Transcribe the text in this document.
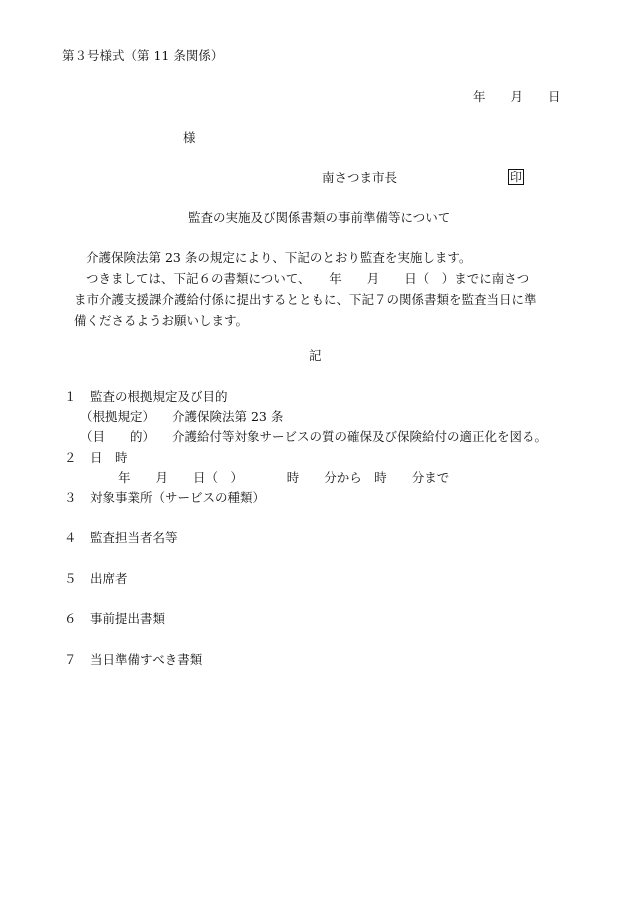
第３号様式（第 11 条関係）
年　　月　　日
様
南さつま市長	印
監査の実施及び関係書類の事前準備等について
介護保険法第 23 条の規定により、下記のとおり監査を実施します。
つきましては、下記６の書類について、　　年　　月　　日（　）までに南さつ
ま市介護支援課介護給付係に提出するとともに、下記７の関係書類を監査当日に準
備くださるようお願いします。
記
１ 監査の根拠規定及び目的
（根拠規定） 介護保険法第 23 条
（目　　的） 介護給付等対象サービスの質の確保及び保険給付の適正化を図る。
２ 日　時
年　　月　　日（　）　　　　時　　分から　時　　分まで
３ 対象事業所（サービスの種類）
４ 監査担当者名等
５ 出席者
６ 事前提出書類
７ 当日準備すべき書類
